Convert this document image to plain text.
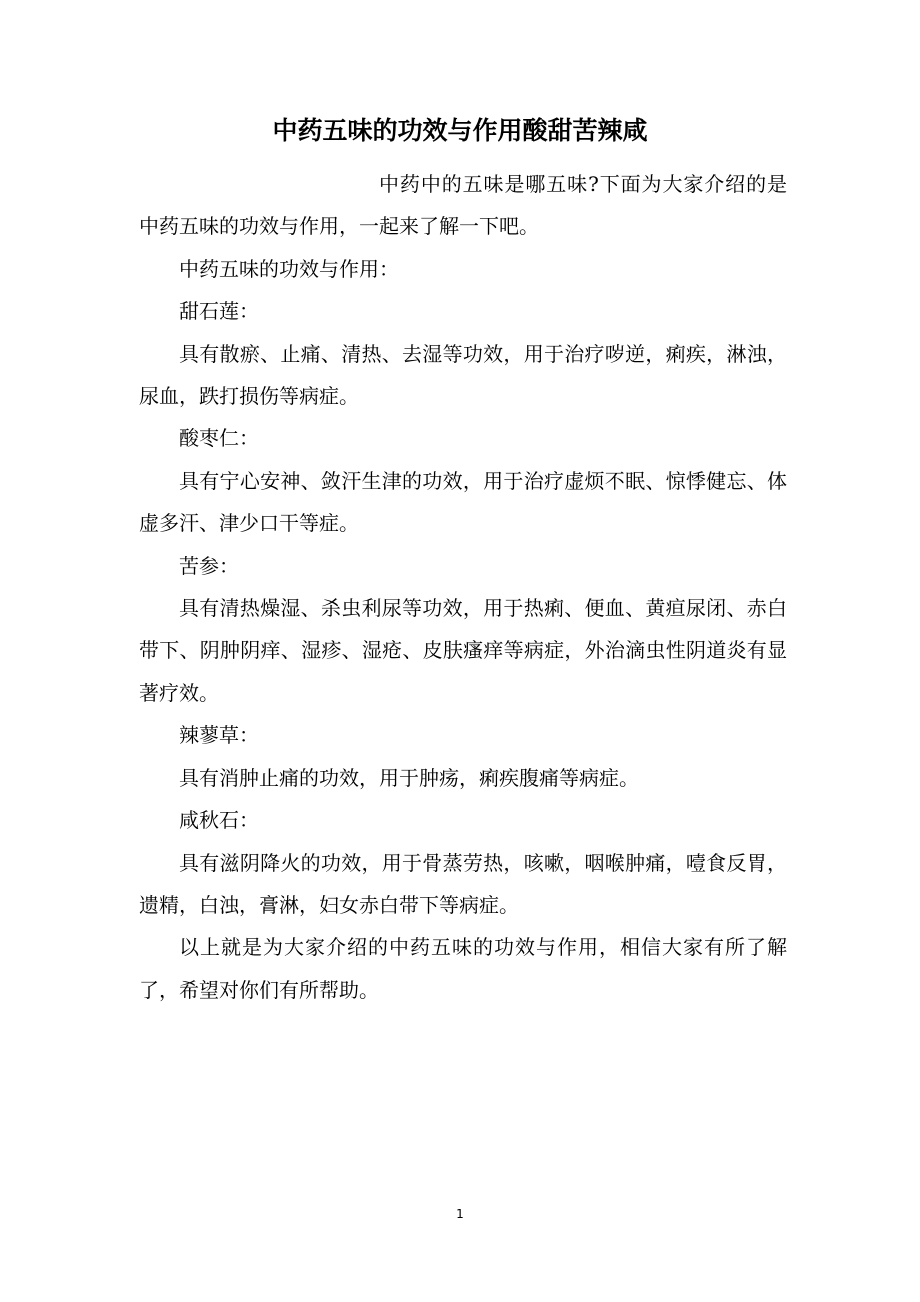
中药五味的功效与作用酸甜苦辣咸

中药中的五味是哪五味?下面为大家介绍的是中药五味的功效与作用，一起来了解一下吧。

中药五味的功效与作用：

甜石莲：

具有散瘀、止痛、清热、去湿等功效，用于治疗哕逆，痢疾，淋浊，尿血，跌打损伤等病症。

酸枣仁：

具有宁心安神、敛汗生津的功效，用于治疗虚烦不眠、惊悸健忘、体虚多汗、津少口干等症。

苦参：

具有清热燥湿、杀虫利尿等功效，用于热痢、便血、黄疸尿闭、赤白带下、阴肿阴痒、湿疹、湿疮、皮肤瘙痒等病症，外治滴虫性阴道炎有显著疗效。

辣蓼草：

具有消肿止痛的功效，用于肿疡，痢疾腹痛等病症。

咸秋石：

具有滋阴降火的功效，用于骨蒸劳热，咳嗽，咽喉肿痛，噎食反胃，遗精，白浊，膏淋，妇女赤白带下等病症。

以上就是为大家介绍的中药五味的功效与作用，相信大家有所了解了，希望对你们有所帮助。

1
